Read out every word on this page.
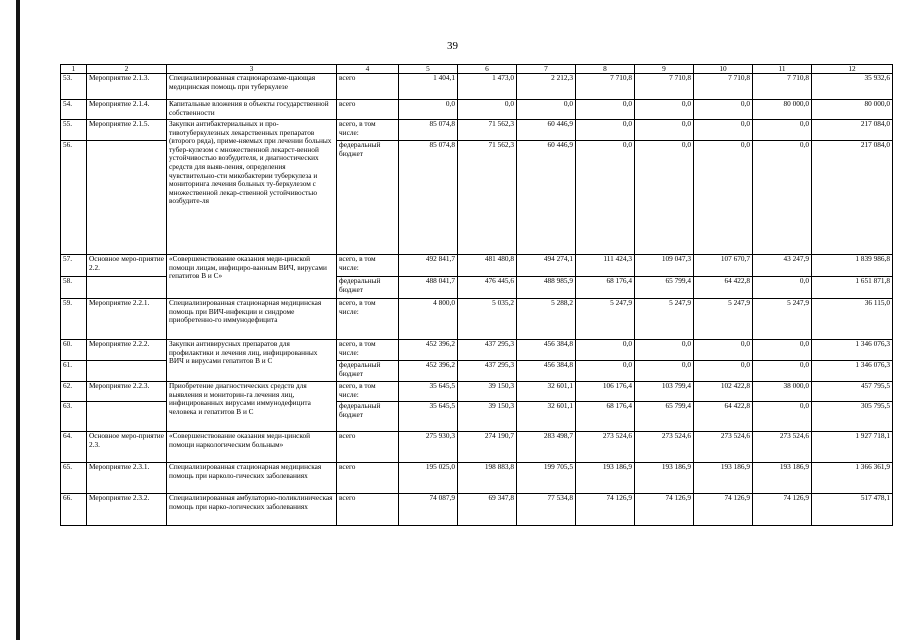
39
1	2	3	4	5	6	7	8	9	10	11	12
53.	Мероприятие 2.1.3.	Специализированная стационарозаме-щающая медицинская помощь при туберкулезе	всего	1 404,1	1 473,0	2 212,3	7 710,8	7 710,8	7 710,8	7 710,8	35 932,6
54.	Мероприятие 2.1.4.	Капитальные вложения в объекты государственной собственности	всего	0,0	0,0	0,0	0,0	0,0	0,0	80 000,0	80 000,0
55.	Мероприятие 2.1.5.	Закупки антибактериальных и про-тивотуберкулезных лекарственных препаратов (второго ряда), приме-няемых при лечении больных тубер-кулезом с множественной лекарст-венной устойчивостью возбудителя, и диагностических средств для выяв-ления, определения чувствительно-сти микобактерии туберкулеза и мониторинга лечения больных ту-беркулезом с множественной лекар-ственной устойчивостью возбудите-ля	всего, в том числе:	85 074,8	71 562,3	60 446,9	0,0	0,0	0,0	0,0	217 084,0
56.			федеральный бюджет	85 074,8	71 562,3	60 446,9	0,0	0,0	0,0	0,0	217 084,0
57.	Основное меро-приятие 2.2.	«Совершенствование оказания меди-цинской помощи лицам, инфициро-ванным ВИЧ, вирусами гепатитов В и С»	всего, в том числе:	492 841,7	481 480,8	494 274,1	111 424,3	109 047,3	107 670,7	43 247,9	1 839 986,8
58.			федеральный бюджет	488 041,7	476 445,6	488 985,9	68 176,4	65 799,4	64 422,8	0,0	1 651 871,8
59.	Мероприятие 2.2.1.	Специализированная стационарная медицинская помощь при ВИЧ-инфекции и синдроме приобретенно-го иммунодефицита	всего, в том числе:	4 800,0	5 035,2	5 288,2	5 247,9	5 247,9	5 247,9	5 247,9	36 115,0
60.	Мероприятие 2.2.2.	Закупки антивирусных препаратов для профилактики и лечения лиц, инфицированных ВИЧ и вирусами гепатитов В и С	всего, в том числе:	452 396,2	437 295,3	456 384,8	0,0	0,0	0,0	0,0	1 346 076,3
61.			федеральный бюджет	452 396,2	437 295,3	456 384,8	0,0	0,0	0,0	0,0	1 346 076,3
62.	Мероприятие 2.2.3.	Приобретение диагностических средств для выявления и мониторин-га лечения лиц, инфицированных вирусами иммунодефицита человека и гепатитов В и С	всего, в том числе:	35 645,5	39 150,3	32 601,1	106 176,4	103 799,4	102 422,8	38 000,0	457 795,5
63.			федеральный бюджет	35 645,5	39 150,3	32 601,1	68 176,4	65 799,4	64 422,8	0,0	305 795,5
64.	Основное меро-приятие 2.3.	«Совершенствование оказания меди-цинской помощи наркологическим больным»	всего	275 930,3	274 190,7	283 498,7	273 524,6	273 524,6	273 524,6	273 524,6	1 927 718,1
65.	Мероприятие 2.3.1.	Специализированная стационарная медицинская помощь при нарколо-гических заболеваниях	всего	195 025,0	198 883,8	199 705,5	193 186,9	193 186,9	193 186,9	193 186,9	1 366 361,9
66.	Мероприятие 2.3.2.	Специализированная амбулаторно-поликлиническая помощь при нарко-логических заболеваниях	всего	74 087,9	69 347,8	77 534,8	74 126,9	74 126,9	74 126,9	74 126,9	517 478,1
